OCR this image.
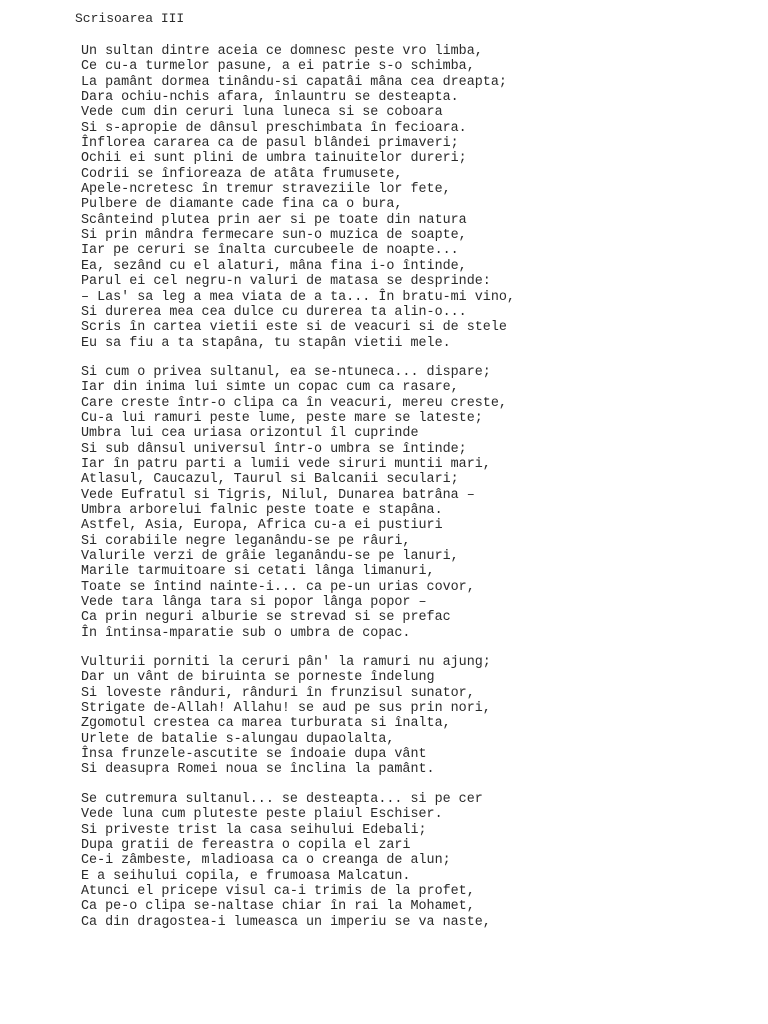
Scrisoarea III
Un sultan dintre aceia ce domnesc peste vro limba,
Ce cu-a turmelor pasune, a ei patrie s-o schimba,
La pamânt dormea tinându-si capatâi mâna cea dreapta;
Dara ochiu-nchis afara, înlauntru se desteapta.
Vede cum din ceruri luna luneca si se coboara
Si s-apropie de dânsul preschimbata în fecioara.
Înflorea cararea ca de pasul blândei primaveri;
Ochii ei sunt plini de umbra tainuitelor dureri;
Codrii se înfioreaza de atâta frumusete,
Apele-ncretesc în tremur straveziile lor fete,
Pulbere de diamante cade fina ca o bura,
Scânteind plutea prin aer si pe toate din natura
Si prin mândra fermecare sun-o muzica de soapte,
Iar pe ceruri se înalta curcubeele de noapte...
Ea, sezând cu el alaturi, mâna fina i-o întinde,
Parul ei cel negru-n valuri de matasa se desprinde:
– Las' sa leg a mea viata de a ta... În bratu-mi vino,
Si durerea mea cea dulce cu durerea ta alin-o...
Scris în cartea vietii este si de veacuri si de stele
Eu sa fiu a ta stapâna, tu stapân vietii mele.
Si cum o privea sultanul, ea se-ntuneca... dispare;
Iar din inima lui simte un copac cum ca rasare,
Care creste într-o clipa ca în veacuri, mereu creste,
Cu-a lui ramuri peste lume, peste mare se lateste;
Umbra lui cea uriasa orizontul îl cuprinde
Si sub dânsul universul într-o umbra se întinde;
Iar în patru parti a lumii vede siruri muntii mari,
Atlasul, Caucazul, Taurul si Balcanii seculari;
Vede Eufratul si Tigris, Nilul, Dunarea batrâna –
Umbra arborelui falnic peste toate e stapâna.
Astfel, Asia, Europa, Africa cu-a ei pustiuri
Si corabiile negre leganându-se pe râuri,
Valurile verzi de grâie leganându-se pe lanuri,
Marile tarmuitoare si cetati lânga limanuri,
Toate se întind nainte-i... ca pe-un urias covor,
Vede tara lânga tara si popor lânga popor –
Ca prin neguri alburie se strevad si se prefac
În întinsa-mparatie sub o umbra de copac.
Vulturii porniti la ceruri pân' la ramuri nu ajung;
Dar un vânt de biruinta se porneste îndelung
Si loveste rânduri, rânduri în frunzisul sunator,
Strigate de-Allah! Allahu! se aud pe sus prin nori,
Zgomotul crestea ca marea turburata si înalta,
Urlete de batalie s-alungau dupaolalta,
Însa frunzele-ascutite se îndoaie dupa vânt
Si deasupra Romei noua se înclina la pamânt.
Se cutremura sultanul... se desteapta... si pe cer
Vede luna cum pluteste peste plaiul Eschiser.
Si priveste trist la casa seihului Edebali;
Dupa gratii de fereastra o copila el zari
Ce-i zâmbeste, mladioasa ca o creanga de alun;
E a seihului copila, e frumoasa Malcatun.
Atunci el pricepe visul ca-i trimis de la profet,
Ca pe-o clipa se-naltase chiar în rai la Mohamet,
Ca din dragostea-i lumeasca un imperiu se va naste,
